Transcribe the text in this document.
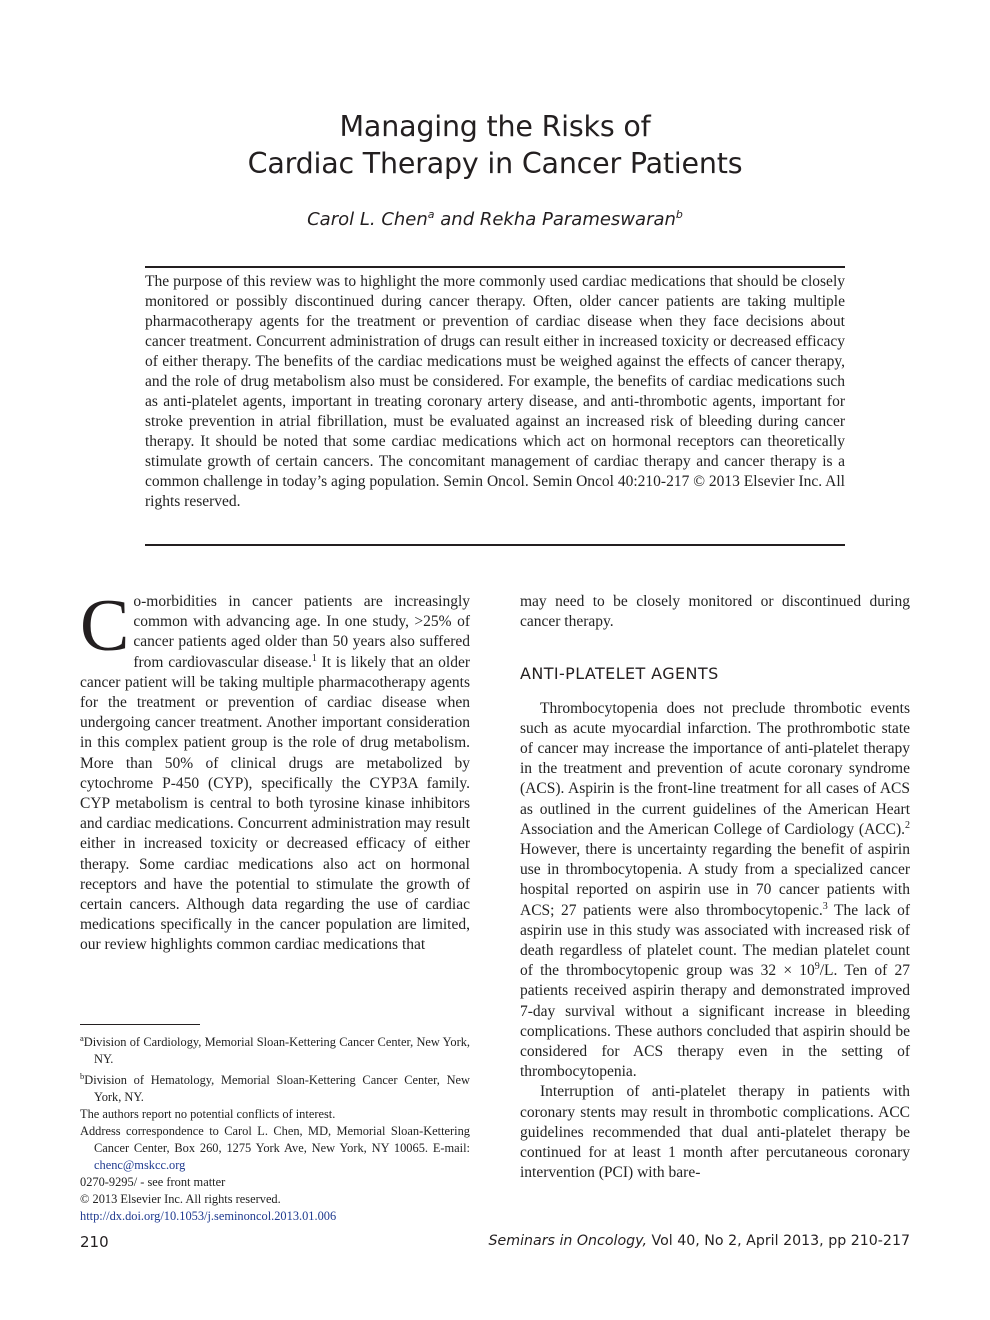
Managing the Risks of
Cardiac Therapy in Cancer Patients
Carol L. Chen$^a$ and Rekha Parameswaran$^b$
The purpose of this review was to highlight the more commonly used cardiac medications that should be closely monitored or possibly discontinued during cancer therapy. Often, older cancer patients are taking multiple pharmacotherapy agents for the treatment or prevention of cardiac disease when they face decisions about cancer treatment. Concurrent administration of drugs can result either in increased toxicity or decreased efficacy of either therapy. The benefits of the cardiac medications must be weighed against the effects of cancer therapy, and the role of drug metabolism also must be considered. For example, the benefits of cardiac medications such as anti-platelet agents, important in treating coronary artery disease, and anti-thrombotic agents, important for stroke prevention in atrial fibrillation, must be evaluated against an increased risk of bleeding during cancer therapy. It should be noted that some cardiac medications which act on hormonal receptors can theoretically stimulate growth of certain cancers. The concomitant management of cardiac therapy and cancer therapy is a common challenge in today’s aging population. Semin Oncol. Semin Oncol 40:210-217 © 2013 Elsevier Inc. All rights reserved.

Co-morbidities in cancer patients are increasingly common with advancing age. In one study, >25% of cancer patients aged older than 50 years also suffered from cardiovascular disease.$^1$ It is likely that an older cancer patient will be taking multiple pharmacotherapy agents for the treatment or prevention of cardiac disease when undergoing cancer treatment. Another important consideration in this complex patient group is the role of drug metabolism. More than 50% of clinical drugs are metabolized by cytochrome P-450 (CYP), specifically the CYP3A family. CYP metabolism is central to both tyrosine kinase inhibitors and cardiac medications. Concurrent administration may result either in increased toxicity or decreased efficacy of either therapy. Some cardiac medications also act on hormonal receptors and have the potential to stimulate the growth of certain cancers. Although data regarding the use of cardiac medications specifically in the cancer population are limited, our review highlights common cardiac medications that

may need to be closely monitored or discontinued during cancer therapy.

ANTI-PLATELET AGENTS

Thrombocytopenia does not preclude thrombotic events such as acute myocardial infarction. The prothrombotic state of cancer may increase the importance of anti-platelet therapy in the treatment and prevention of acute coronary syndrome (ACS). Aspirin is the front-line treatment for all cases of ACS as outlined in the current guidelines of the American Heart Association and the American College of Cardiology (ACC).$^2$ However, there is uncertainty regarding the benefit of aspirin use in thrombocytopenia. A study from a specialized cancer hospital reported on aspirin use in 70 cancer patients with ACS; 27 patients were also thrombocytopenic.$^3$ The lack of aspirin use in this study was associated with increased risk of death regardless of platelet count. The median platelet count of the thrombocytopenic group was 32 × 10$^9$/L. Ten of 27 patients received aspirin therapy and demonstrated improved 7-day survival without a significant increase in bleeding complications. These authors concluded that aspirin should be considered for ACS therapy even in the setting of thrombocytopenia.

Interruption of anti-platelet therapy in patients with coronary stents may result in thrombotic complications. ACC guidelines recommended that dual anti-platelet therapy be continued for at least 1 month after percutaneous coronary intervention (PCI) with bare-

$^a$Division of Cardiology, Memorial Sloan-Kettering Cancer Center, New York, NY.
$^b$Division of Hematology, Memorial Sloan-Kettering Cancer Center, New York, NY.
The authors report no potential conflicts of interest.
Address correspondence to Carol L. Chen, MD, Memorial Sloan-Kettering Cancer Center, Box 260, 1275 York Ave, New York, NY 10065. E-mail: chenc@mskcc.org
0270-9295/ - see front matter
© 2013 Elsevier Inc. All rights reserved.
http://dx.doi.org/10.1053/j.seminoncol.2013.01.006
210	Seminars in Oncology, Vol 40, No 2, April 2013, pp 210-217
